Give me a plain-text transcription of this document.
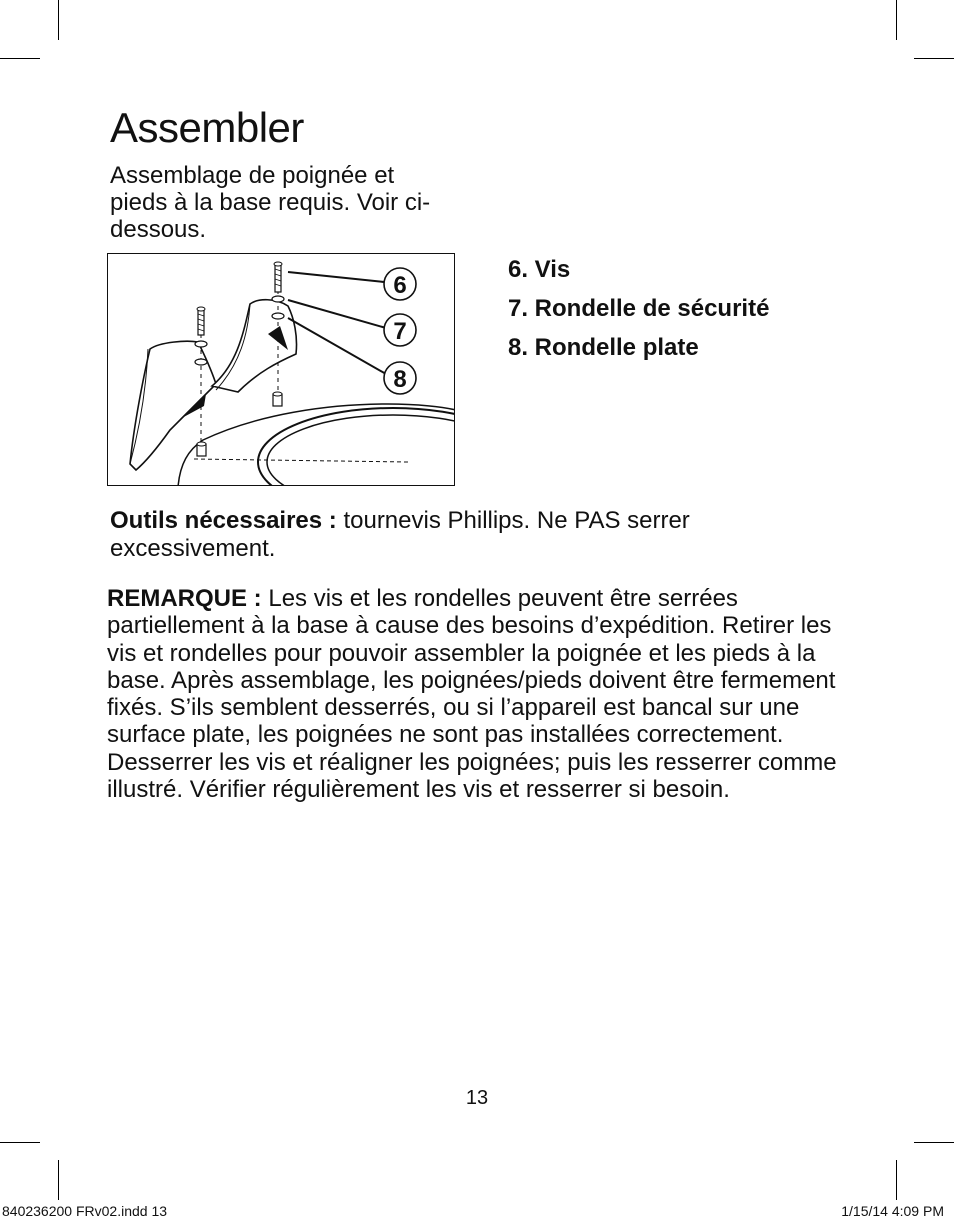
Assembler

Assemblage de poignée et pieds à la base requis. Voir ci-dessous.

6
7
8
6. Vis
7. Rondelle de sécurité
8. Rondelle plate

Outils nécessaires : tournevis Phillips. Ne PAS serrer excessivement.

REMARQUE : Les vis et les rondelles peuvent être serrées partiellement à la base à cause des besoins d’expédition. Retirer les vis et rondelles pour pouvoir assembler la poignée et les pieds à la base. Après assemblage, les poignées/pieds doivent être fermement fixés. S’ils semblent desserrés, ou si l’appareil est bancal sur une surface plate, les poignées ne sont pas installées correctement. Desserrer les vis et réaligner les poignées; puis les resserrer comme illustré. Vérifier régulièrement les vis et resserrer si besoin.

13

840236200 FRv02.indd 13	1/15/14 4:09 PM
